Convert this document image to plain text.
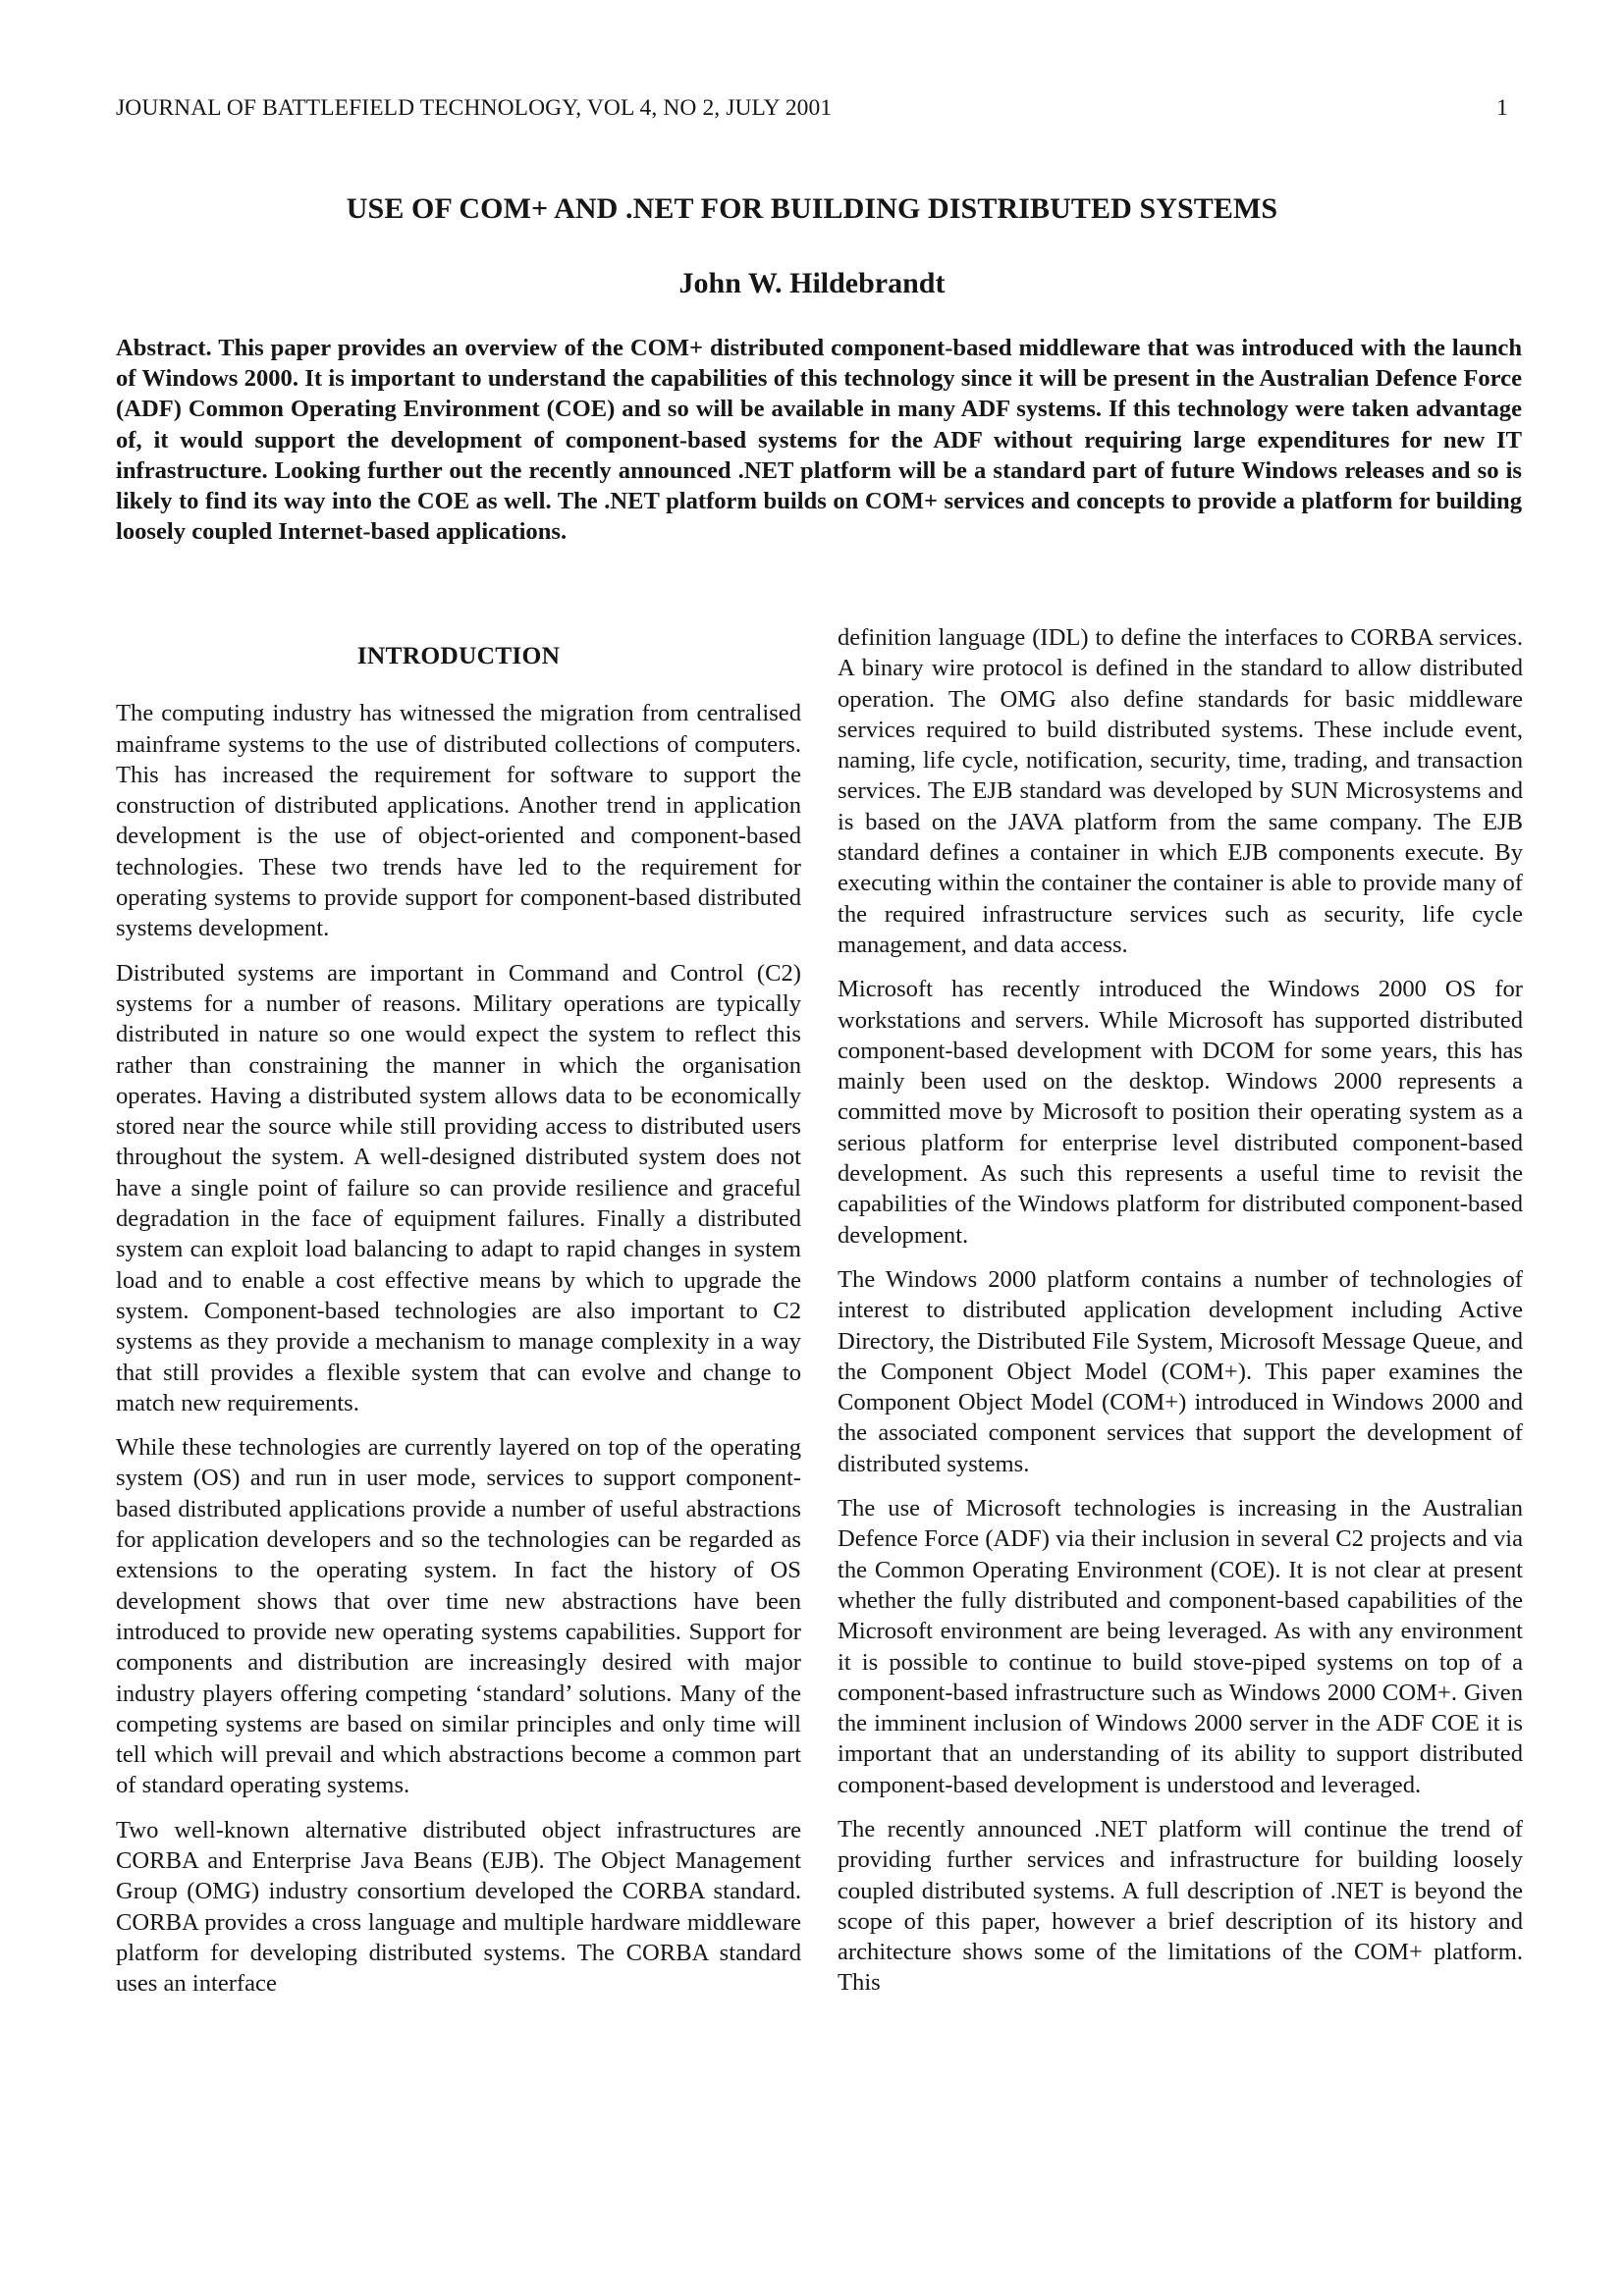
JOURNAL OF BATTLEFIELD TECHNOLOGY, VOL 4, NO 2, JULY 2001	1
USE OF COM+ AND .NET FOR BUILDING DISTRIBUTED SYSTEMS
John W. Hildebrandt

Abstract. This paper provides an overview of the COM+ distributed component-based middleware that was introduced with the launch of Windows 2000. It is important to understand the capabilities of this technology since it will be present in the Australian Defence Force (ADF) Common Operating Environment (COE) and so will be available in many ADF systems. If this technology were taken advantage of, it would support the development of component-based systems for the ADF without requiring large expenditures for new IT infrastructure. Looking further out the recently announced .NET platform will be a standard part of future Windows releases and so is likely to find its way into the COE as well. The .NET platform builds on COM+ services and concepts to provide a platform for building loosely coupled Internet-based applications.

INTRODUCTION

The computing industry has witnessed the migration from centralised mainframe systems to the use of distributed collections of computers. This has increased the requirement for software to support the construction of distributed applications. Another trend in application development is the use of object-oriented and component-based technologies. These two trends have led to the requirement for operating systems to provide support for component-based distributed systems development.

Distributed systems are important in Command and Control (C2) systems for a number of reasons. Military operations are typically distributed in nature so one would expect the system to reflect this rather than constraining the manner in which the organisation operates. Having a distributed system allows data to be economically stored near the source while still providing access to distributed users throughout the system. A well-designed distributed system does not have a single point of failure so can provide resilience and graceful degradation in the face of equipment failures. Finally a distributed system can exploit load balancing to adapt to rapid changes in system load and to enable a cost effective means by which to upgrade the system. Component-based technologies are also important to C2 systems as they provide a mechanism to manage complexity in a way that still provides a flexible system that can evolve and change to match new requirements.

While these technologies are currently layered on top of the operating system (OS) and run in user mode, services to support component-based distributed applications provide a number of useful abstractions for application developers and so the technologies can be regarded as extensions to the operating system. In fact the history of OS development shows that over time new abstractions have been introduced to provide new operating systems capabilities. Support for components and distribution are increasingly desired with major industry players offering competing ‘standard’ solutions. Many of the competing systems are based on similar principles and only time will tell which will prevail and which abstractions become a common part of standard operating systems.

Two well-known alternative distributed object infrastructures are CORBA and Enterprise Java Beans (EJB). The Object Management Group (OMG) industry consortium developed the CORBA standard. CORBA provides a cross language and multiple hardware middleware platform for developing distributed systems. The CORBA standard uses an interface

definition language (IDL) to define the interfaces to CORBA services. A binary wire protocol is defined in the standard to allow distributed operation. The OMG also define standards for basic middleware services required to build distributed systems. These include event, naming, life cycle, notification, security, time, trading, and transaction services. The EJB standard was developed by SUN Microsystems and is based on the JAVA platform from the same company. The EJB standard defines a container in which EJB components execute. By executing within the container the container is able to provide many of the required infrastructure services such as security, life cycle management, and data access.

Microsoft has recently introduced the Windows 2000 OS for workstations and servers. While Microsoft has supported distributed component-based development with DCOM for some years, this has mainly been used on the desktop. Windows 2000 represents a committed move by Microsoft to position their operating system as a serious platform for enterprise level distributed component-based development. As such this represents a useful time to revisit the capabilities of the Windows platform for distributed component-based development.

The Windows 2000 platform contains a number of technologies of interest to distributed application development including Active Directory, the Distributed File System, Microsoft Message Queue, and the Component Object Model (COM+). This paper examines the Component Object Model (COM+) introduced in Windows 2000 and the associated component services that support the development of distributed systems.

The use of Microsoft technologies is increasing in the Australian Defence Force (ADF) via their inclusion in several C2 projects and via the Common Operating Environment (COE). It is not clear at present whether the fully distributed and component-based capabilities of the Microsoft environment are being leveraged. As with any environment it is possible to continue to build stove-piped systems on top of a component-based infrastructure such as Windows 2000 COM+. Given the imminent inclusion of Windows 2000 server in the ADF COE it is important that an understanding of its ability to support distributed component-based development is understood and leveraged.

The recently announced .NET platform will continue the trend of providing further services and infrastructure for building loosely coupled distributed systems. A full description of .NET is beyond the scope of this paper, however a brief description of its history and architecture shows some of the limitations of the COM+ platform. This
